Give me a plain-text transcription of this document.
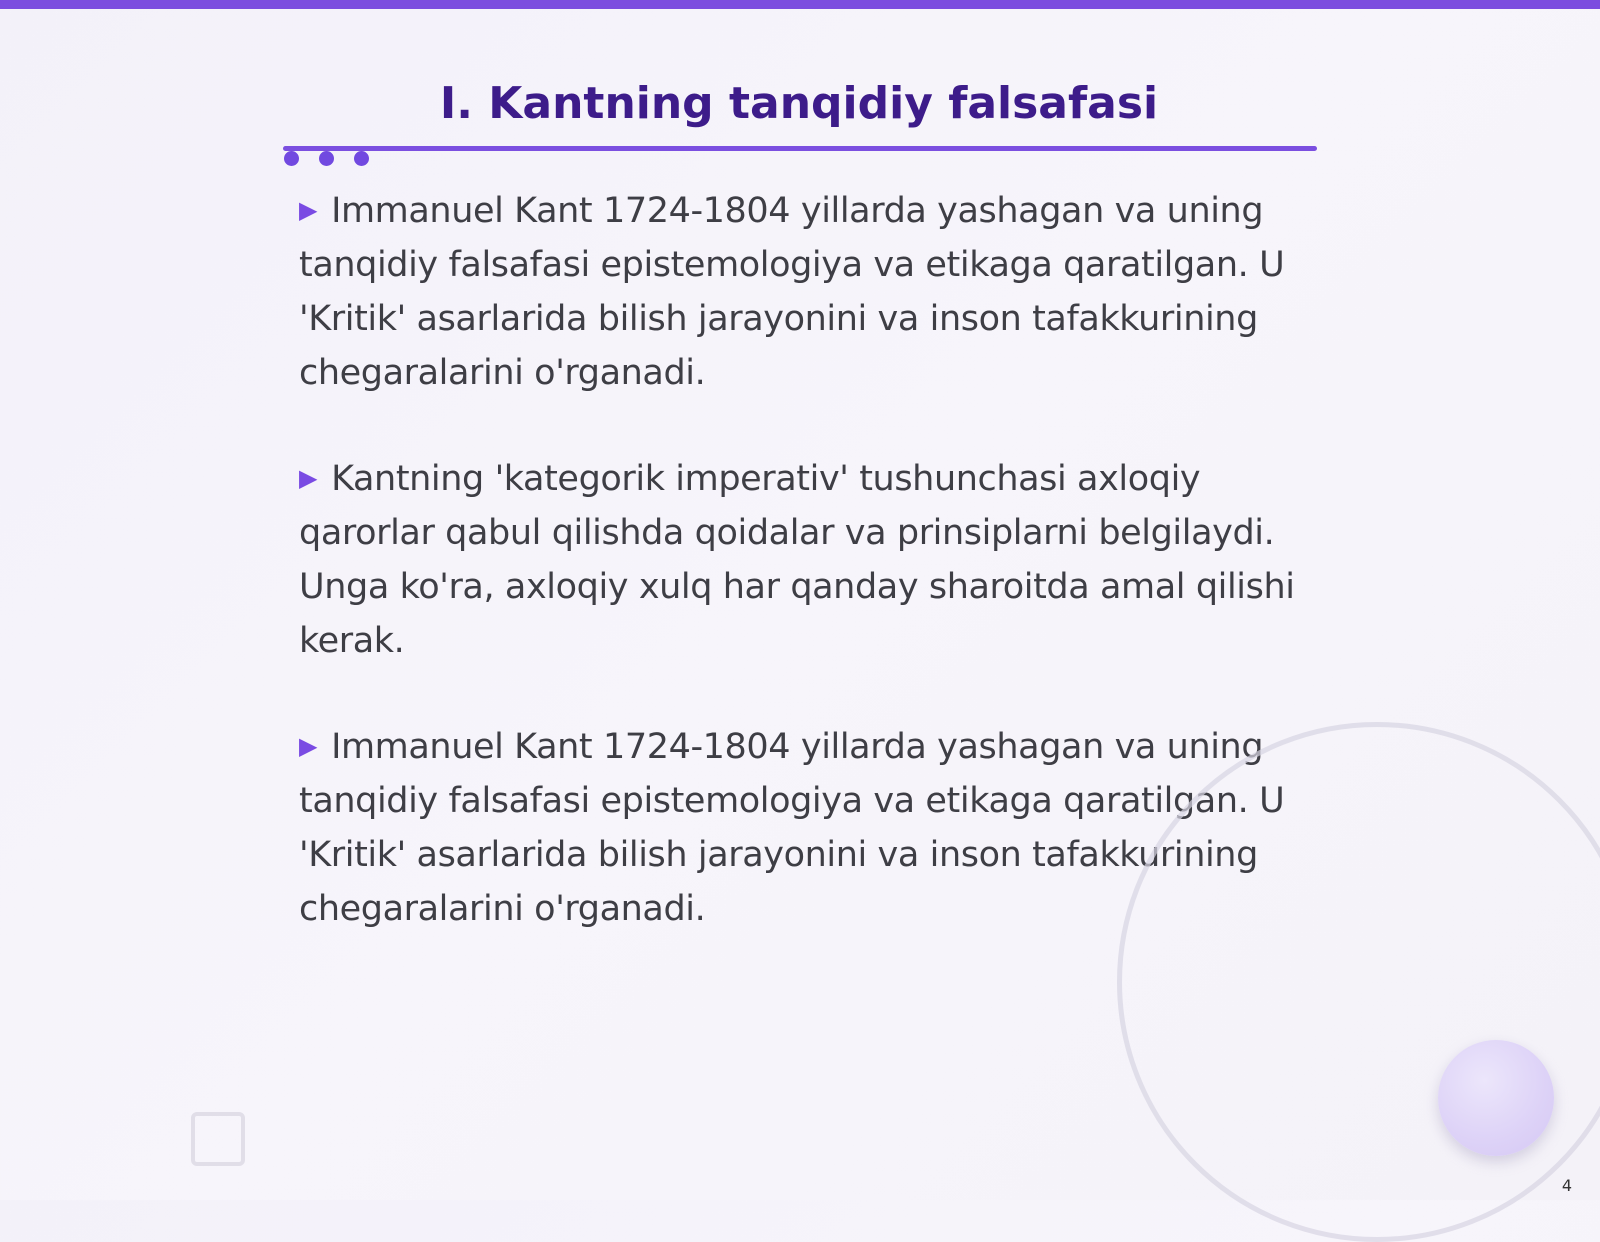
I. Kantning tanqidiy falsafasi
▶ Immanuel Kant 1724-1804 yillarda yashagan va uning tanqidiy falsafasi epistemologiya va etikaga qaratilgan. U 'Kritik' asarlarida bilish jarayonini va inson tafakkurining chegaralarini o'rganadi.
▶ Kantning 'kategorik imperativ' tushunchasi axloqiy qarorlar qabul qilishda qoidalar va prinsiplarni belgilaydi. Unga ko'ra, axloqiy xulq har qanday sharoitda amal qilishi kerak.
▶ Immanuel Kant 1724-1804 yillarda yashagan va uning tanqidiy falsafasi epistemologiya va etikaga qaratilgan. U 'Kritik' asarlarida bilish jarayonini va inson tafakkurining chegaralarini o'rganadi.
4
